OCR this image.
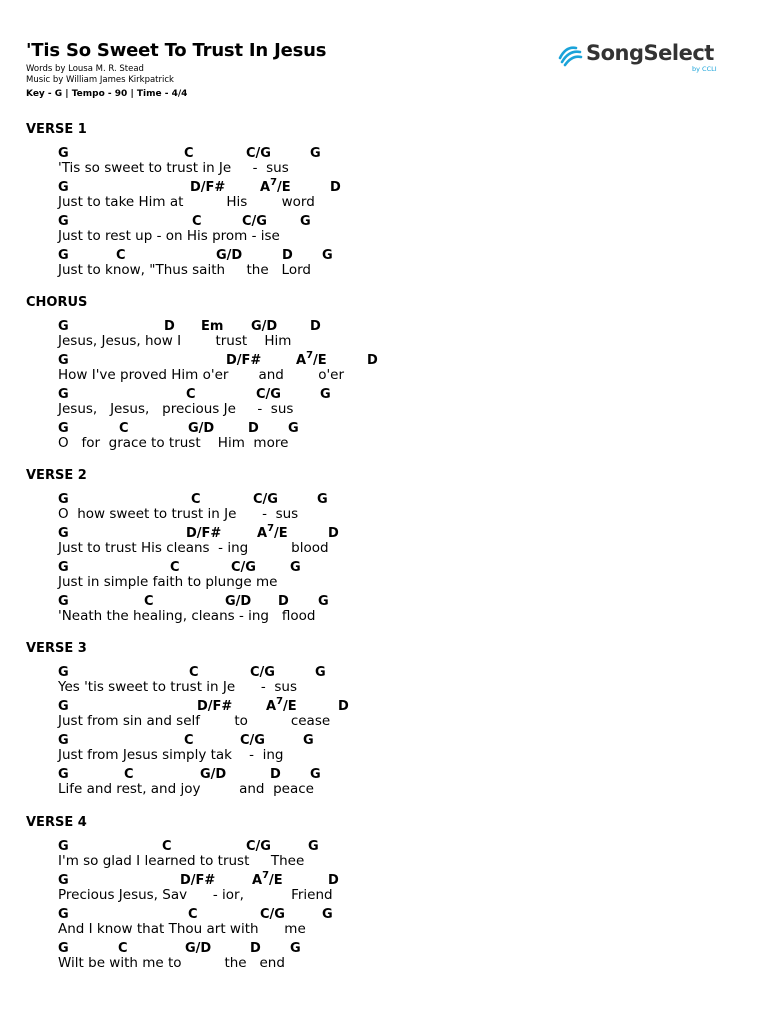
'Tis So Sweet To Trust In Jesus
Words by Lousa M. R. Stead
Music by William James Kirkpatrick
Key - G | Tempo - 90 | Time - 4/4
SongSelect
by CCLI
VERSE 1
G	C	C/G	G
'Tis so sweet to trust in Je     -  sus
G	D/F#	$A^7/E$	D
Just to take Him at          His        word
G	C	C/G	G
Just to rest up - on His prom - ise
G	C	G/D	D G
Just to know, "Thus saith     the   Lord
CHORUS
G	D Em G/D	D
Jesus, Jesus, how I        trust    Him
G	D/F#	$A^7/E$	D
How I've proved Him o'er       and        o'er
G	C	C/G	G
Jesus,   Jesus,   precious Je     -  sus
G	C	G/D	D G
O   for  grace to trust    Him  more
VERSE 2
G	C	C/G	G
O  how sweet to trust in Je      -  sus
G	D/F#	$A^7/E$	D
Just to trust His cleans  - ing          blood
G	C	C/G	G
Just in simple faith to plunge me
G	C	G/D D G
'Neath the healing, cleans - ing   flood
VERSE 3
G	C	C/G	G
Yes 'tis sweet to trust in Je      -  sus
G	D/F#	$A^7/E$	D
Just from sin and self        to          cease
G	C	C/G	G
Just from Jesus simply tak    -  ing
G	C	G/D	D G
Life and rest, and joy         and  peace
VERSE 4
G	C	C/G	G
I'm so glad I learned to trust     Thee
G	D/F#	$A^7/E$	D
Precious Jesus, Sav      - ior,           Friend
G	C	C/G	G
And I know that Thou art with      me
G	C	G/D	D G
Wilt be with me to          the   end
